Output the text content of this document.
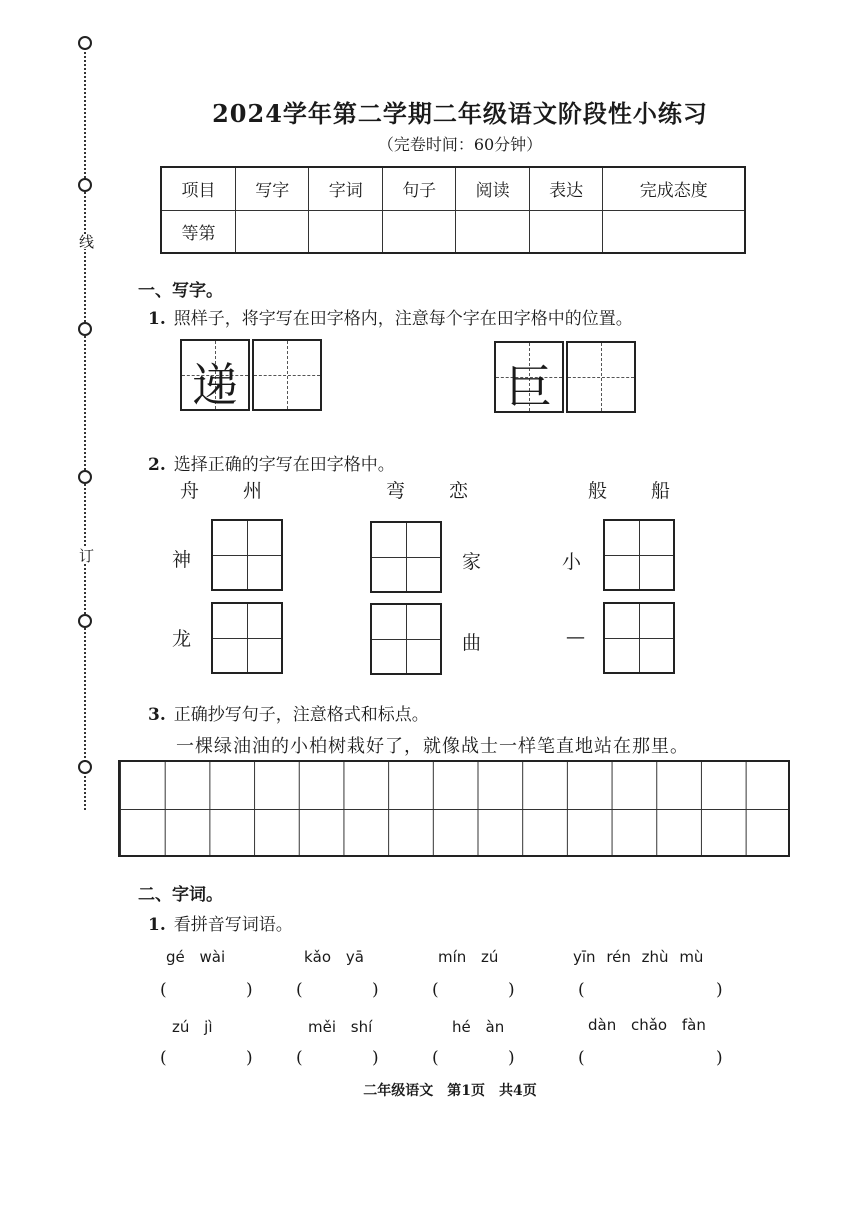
线
订
2024学年第二学期二年级语文阶段性小练习
（完卷时间：60分钟）
项目	写字	字词	句子	阅读	表达	完成态度
等第						
一、写字。
1. 照样子，将字写在田字格内，注意每个字在田字格中的位置。
递	巨
2. 选择正确的字写在田字格中。
舟　　州	弯　　恋	般　　船
神
龙
家
曲
小
—
3. 正确抄写句子，注意格式和标点。
一棵绿油油的小柏树栽好了，就像战士一样笔直地站在那里。
二、字词。
1. 看拼音写词语。
gé wài	kǎo yā	mín zú	yīn rén zhù mù
(	)	(	)	(	)	(	)
zú jì	měi shí	hé àn	dàn chǎo fàn
(	)	(	)	(	)	(	)
二年级语文　第1页　共4页
